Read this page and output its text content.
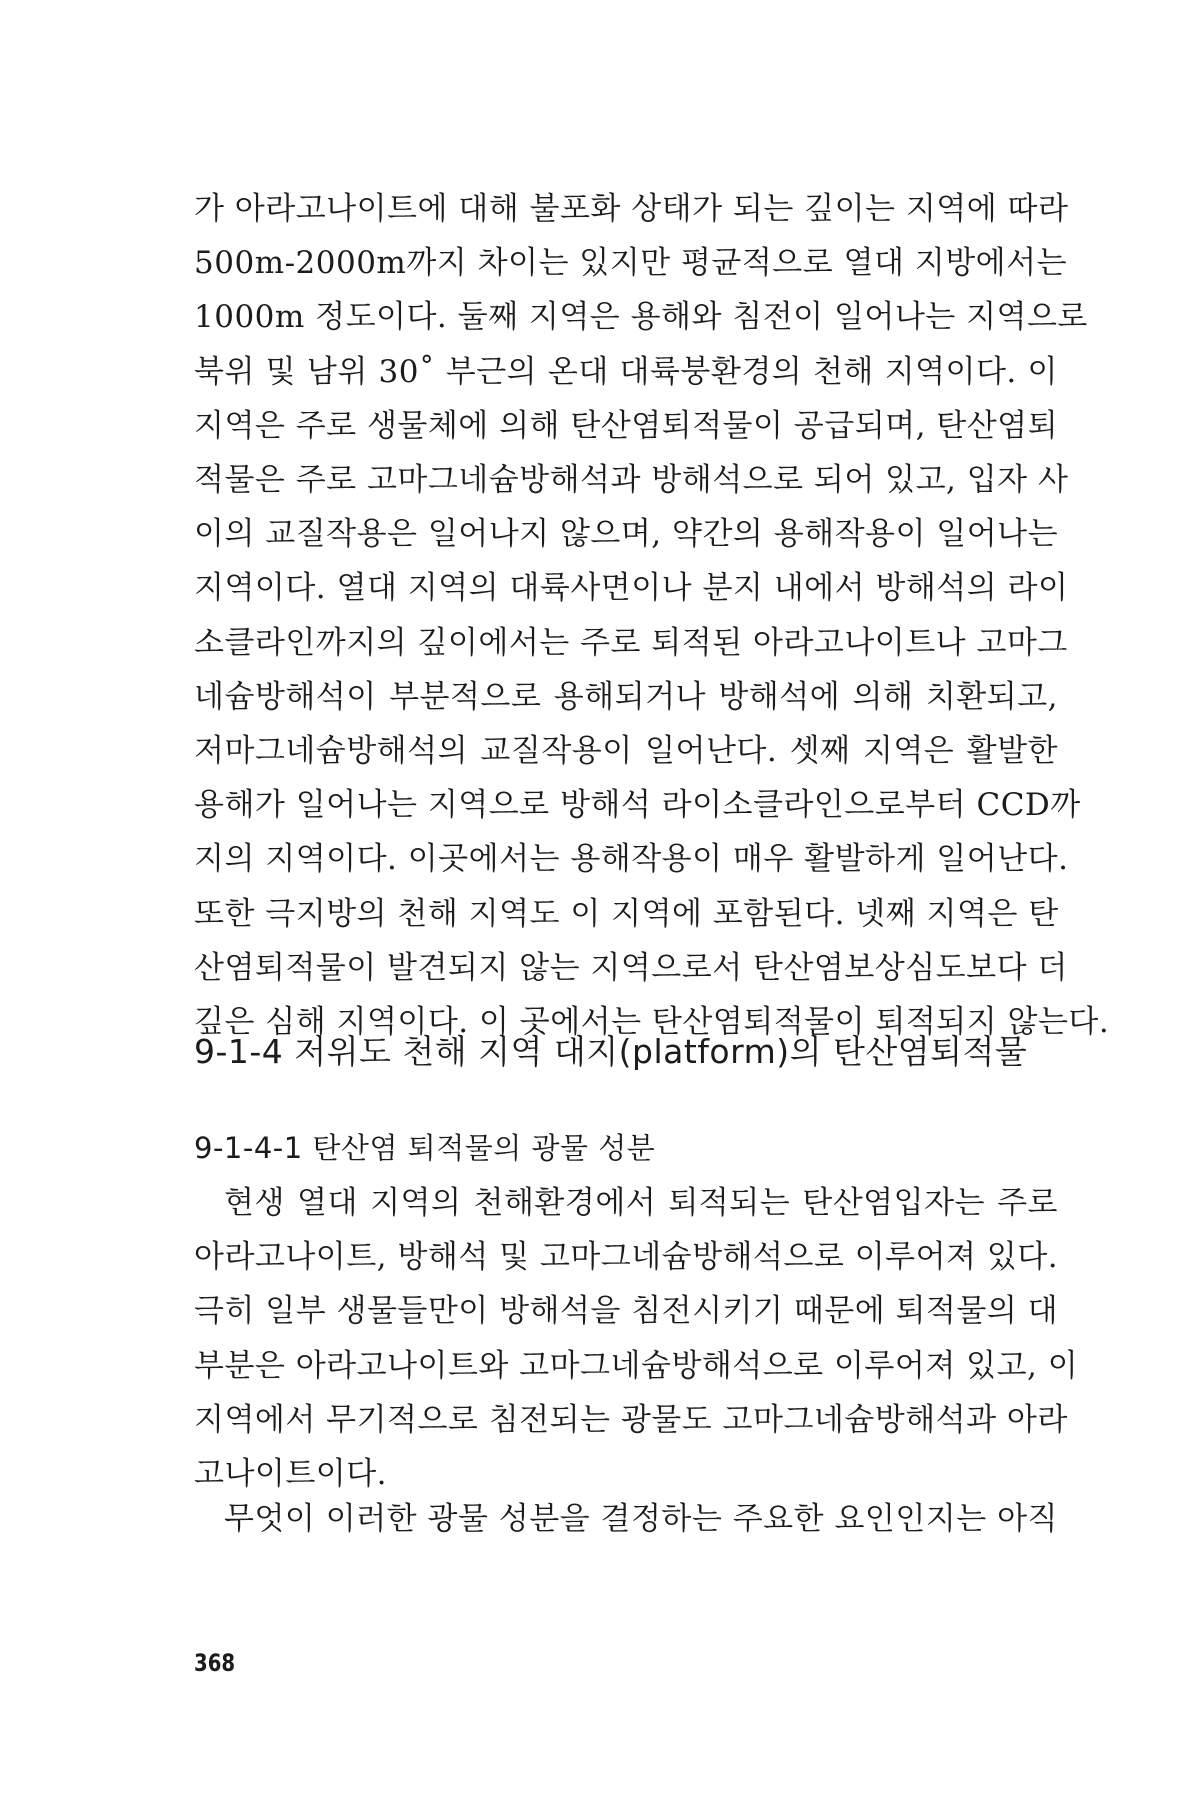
가 아라고나이트에 대해 불포화 상태가 되는 깊이는 지역에 따라
500m-2000m까지 차이는 있지만 평균적으로 열대 지방에서는
1000m 정도이다. 둘째 지역은 용해와 침전이 일어나는 지역으로
북위 및 남위 30˚ 부근의 온대 대륙붕환경의 천해 지역이다. 이
지역은 주로 생물체에 의해 탄산염퇴적물이 공급되며, 탄산염퇴
적물은 주로 고마그네슘방해석과 방해석으로 되어 있고, 입자 사
이의 교질작용은 일어나지 않으며, 약간의 용해작용이 일어나는
지역이다. 열대 지역의 대륙사면이나 분지 내에서 방해석의 라이
소클라인까지의 깊이에서는 주로 퇴적된 아라고나이트나 고마그
네슘방해석이 부분적으로 용해되거나 방해석에 의해 치환되고,
저마그네슘방해석의 교질작용이 일어난다. 셋째 지역은 활발한
용해가 일어나는 지역으로 방해석 라이소클라인으로부터 CCD까
지의 지역이다. 이곳에서는 용해작용이 매우 활발하게 일어난다.
또한 극지방의 천해 지역도 이 지역에 포함된다. 넷째 지역은 탄
산염퇴적물이 발견되지 않는 지역으로서 탄산염보상심도보다 더
깊은 심해 지역이다. 이 곳에서는 탄산염퇴적물이 퇴적되지 않는다.
9-1-4 저위도 천해 지역 대지(platform)의 탄산염퇴적물
9-1-4-1 탄산염 퇴적물의 광물 성분
현생 열대 지역의 천해환경에서 퇴적되는 탄산염입자는 주로
아라고나이트, 방해석 및 고마그네슘방해석으로 이루어져 있다.
극히 일부 생물들만이 방해석을 침전시키기 때문에 퇴적물의 대
부분은 아라고나이트와 고마그네슘방해석으로 이루어져 있고, 이
지역에서 무기적으로 침전되는 광물도 고마그네슘방해석과 아라
고나이트이다.
무엇이 이러한 광물 성분을 결정하는 주요한 요인인지는 아직
368
